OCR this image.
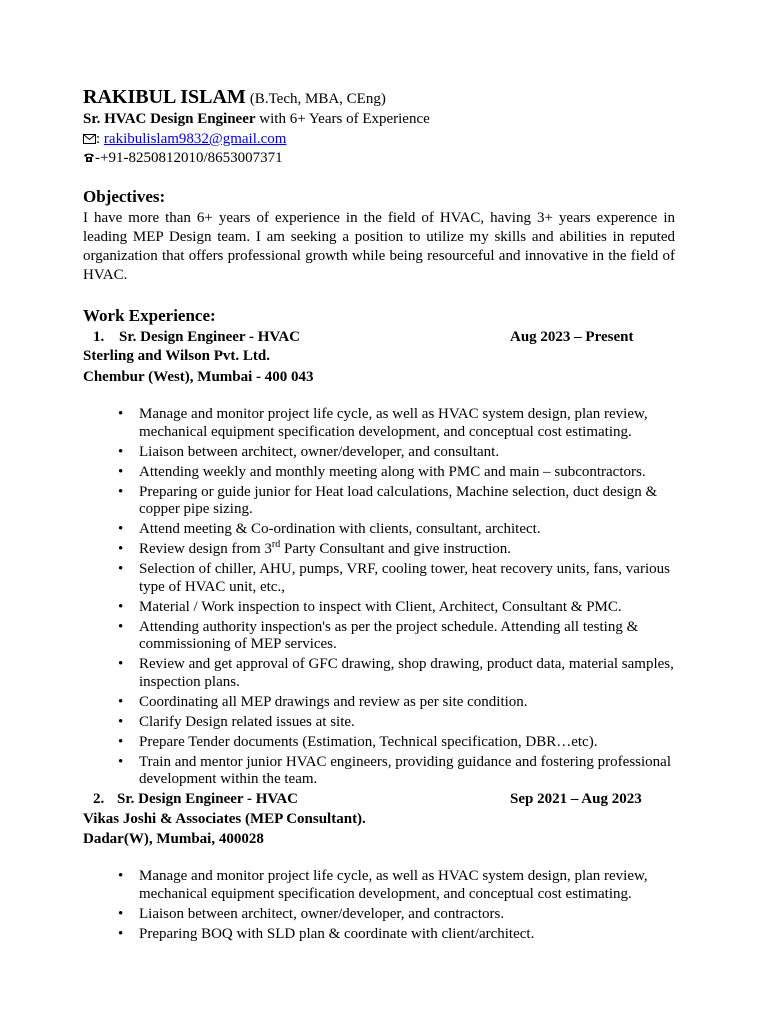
RAKIBUL ISLAM (B.Tech, MBA, CEng)
Sr. HVAC Design Engineer with 6+ Years of Experience
: rakibulislam9832@gmail.com
-+91-8250812010/8653007371
Objectives:
I have more than 6+ years of experience in the field of HVAC, having 3+ years experence in leading MEP Design team. I am seeking a position to utilize my skills and abilities in reputed organization that offers professional growth while being resourceful and innovative in the field of HVAC.
Work Experience:
1. Sr. Design Engineer - HVAC	Aug 2023 – Present
Sterling and Wilson Pvt. Ltd.
Chembur (West), Mumbai - 400 043
• Manage and monitor project life cycle, as well as HVAC system design, plan review, mechanical equipment specification development, and conceptual cost estimating.
• Liaison between architect, owner/developer, and consultant.
• Attending weekly and monthly meeting along with PMC and main – subcontractors.
• Preparing or guide junior for Heat load calculations, Machine selection, duct design & copper pipe sizing.
• Attend meeting & Co-ordination with clients, consultant, architect.
• Review design from 3rd Party Consultant and give instruction.
• Selection of chiller, AHU, pumps, VRF, cooling tower, heat recovery units, fans, various type of HVAC unit, etc.,
• Material / Work inspection to inspect with Client, Architect, Consultant & PMC.
• Attending authority inspection's as per the project schedule. Attending all testing & commissioning of MEP services.
• Review and get approval of GFC drawing, shop drawing, product data, material samples, inspection plans.
• Coordinating all MEP drawings and review as per site condition.
• Clarify Design related issues at site.
• Prepare Tender documents (Estimation, Technical specification, DBR…etc).
• Train and mentor junior HVAC engineers, providing guidance and fostering professional development within the team.
2. Sr. Design Engineer - HVAC	Sep 2021 – Aug 2023
Vikas Joshi & Associates (MEP Consultant).
Dadar(W), Mumbai, 400028
• Manage and monitor project life cycle, as well as HVAC system design, plan review, mechanical equipment specification development, and conceptual cost estimating.
• Liaison between architect, owner/developer, and contractors.
• Preparing BOQ with SLD plan & coordinate with client/architect.
